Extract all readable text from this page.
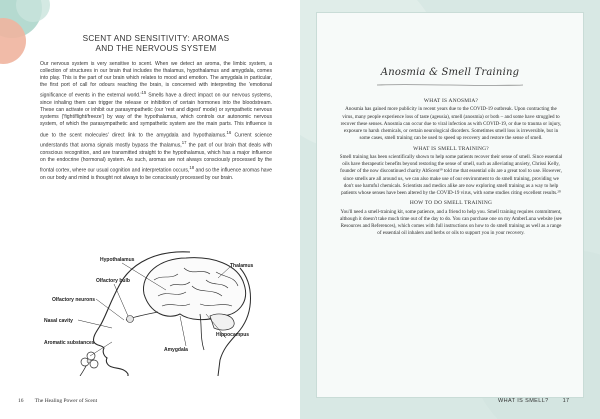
SCENT AND SENSITIVITY: AROMAS
AND THE NERVOUS SYSTEM

Our nervous system is very sensitive to scent. When we detect an aroma, the limbic system, a collection of structures in our brain that includes the thalamus, hypothalamus and amygdala, comes into play. This is the part of our brain which relates to mood and emotion. The amygdala in particular, the first port of call for odours reaching the brain, is concerned with interpreting the 'emotional significance of events in the external $world.'^{15}$ Smells have a direct impact on our nervous systems, since inhaling them can trigger the release or inhibition of certain hormones into the bloodstream. These can activate or inhibit our parasympathetic (our 'rest and digest' mode) or sympathetic nervous systems ('fight/flight/freeze') by way of the hypothalamus, which controls our autonomic nervous system, of which the parasympathetic and sympathetic system are the main parts. This influence is due to the scent molecules' direct link to the amygdala and hypothalamus.$^{16}$ Current science understands that aroma signals mostly bypass the thalamus,$^{17}$ the part of our brain that deals with conscious recognition, and are transmitted straight to the hypothalamus, which has a major influence on the endocrine (hormonal) system. As such, aromas are not always consciously processed by the frontal cortex, where our usual cognition and interpretation occurs,$^{18}$ and so the influence aromas have on our body and mind is thought not always to be consciously processed by our brain.

Hypothalamus
Thalamus
Olfactory bulb
Olfactory neurons
Nasal cavity
Hippocampus
Aromatic substances
Amygdala
16 The Healing Power of Scent
Anosmia & Smell Training
WHAT IS ANOSMIA?

Anosmia has gained more publicity in recent years due to the COVID-19 outbreak. Upon contracting the virus, many people experience loss of taste (ageusia), smell (anosmia) or both – and some have struggled to recover these senses. Anosmia can occur due to viral infection as with COVID-19, or due to trauma or injury, exposure to harsh chemicals, or certain neurological disorders. Sometimes smell loss is irreversible, but in some cases, smell training can be used to speed up recovery and restore the sense of smell.

WHAT IS SMELL TRAINING?

Smell training has been scientifically shown to help some patients recover their sense of smell. Since essential oils have therapeutic benefits beyond restoring the sense of smell, such as alleviating anxiety, Chrissi Kelly, founder of the now discontinued charity AbScent¹⁹ told me that essential oils are a great tool to use. However, since smells are all around us, we can also make use of our environment to do smell training, providing we don't use harmful chemicals. Scientists and medics alike are now exploring smell training as a way to help patients whose senses have been altered by the COVID-19 virus, with some studies citing excellent results.²⁰

HOW TO DO SMELL TRAINING

You'll need a smell-training kit, some patience, and a friend to help you. Smell training requires commitment, although it doesn't take much time out of the day to do. You can purchase one on my AmberLuna website (see Resources and References), which comes with full instructions on how to do smell training as well as a range of essential oil inhalers and herbs or oils to support you in your recovery.

WHAT IS SMELL?	17
